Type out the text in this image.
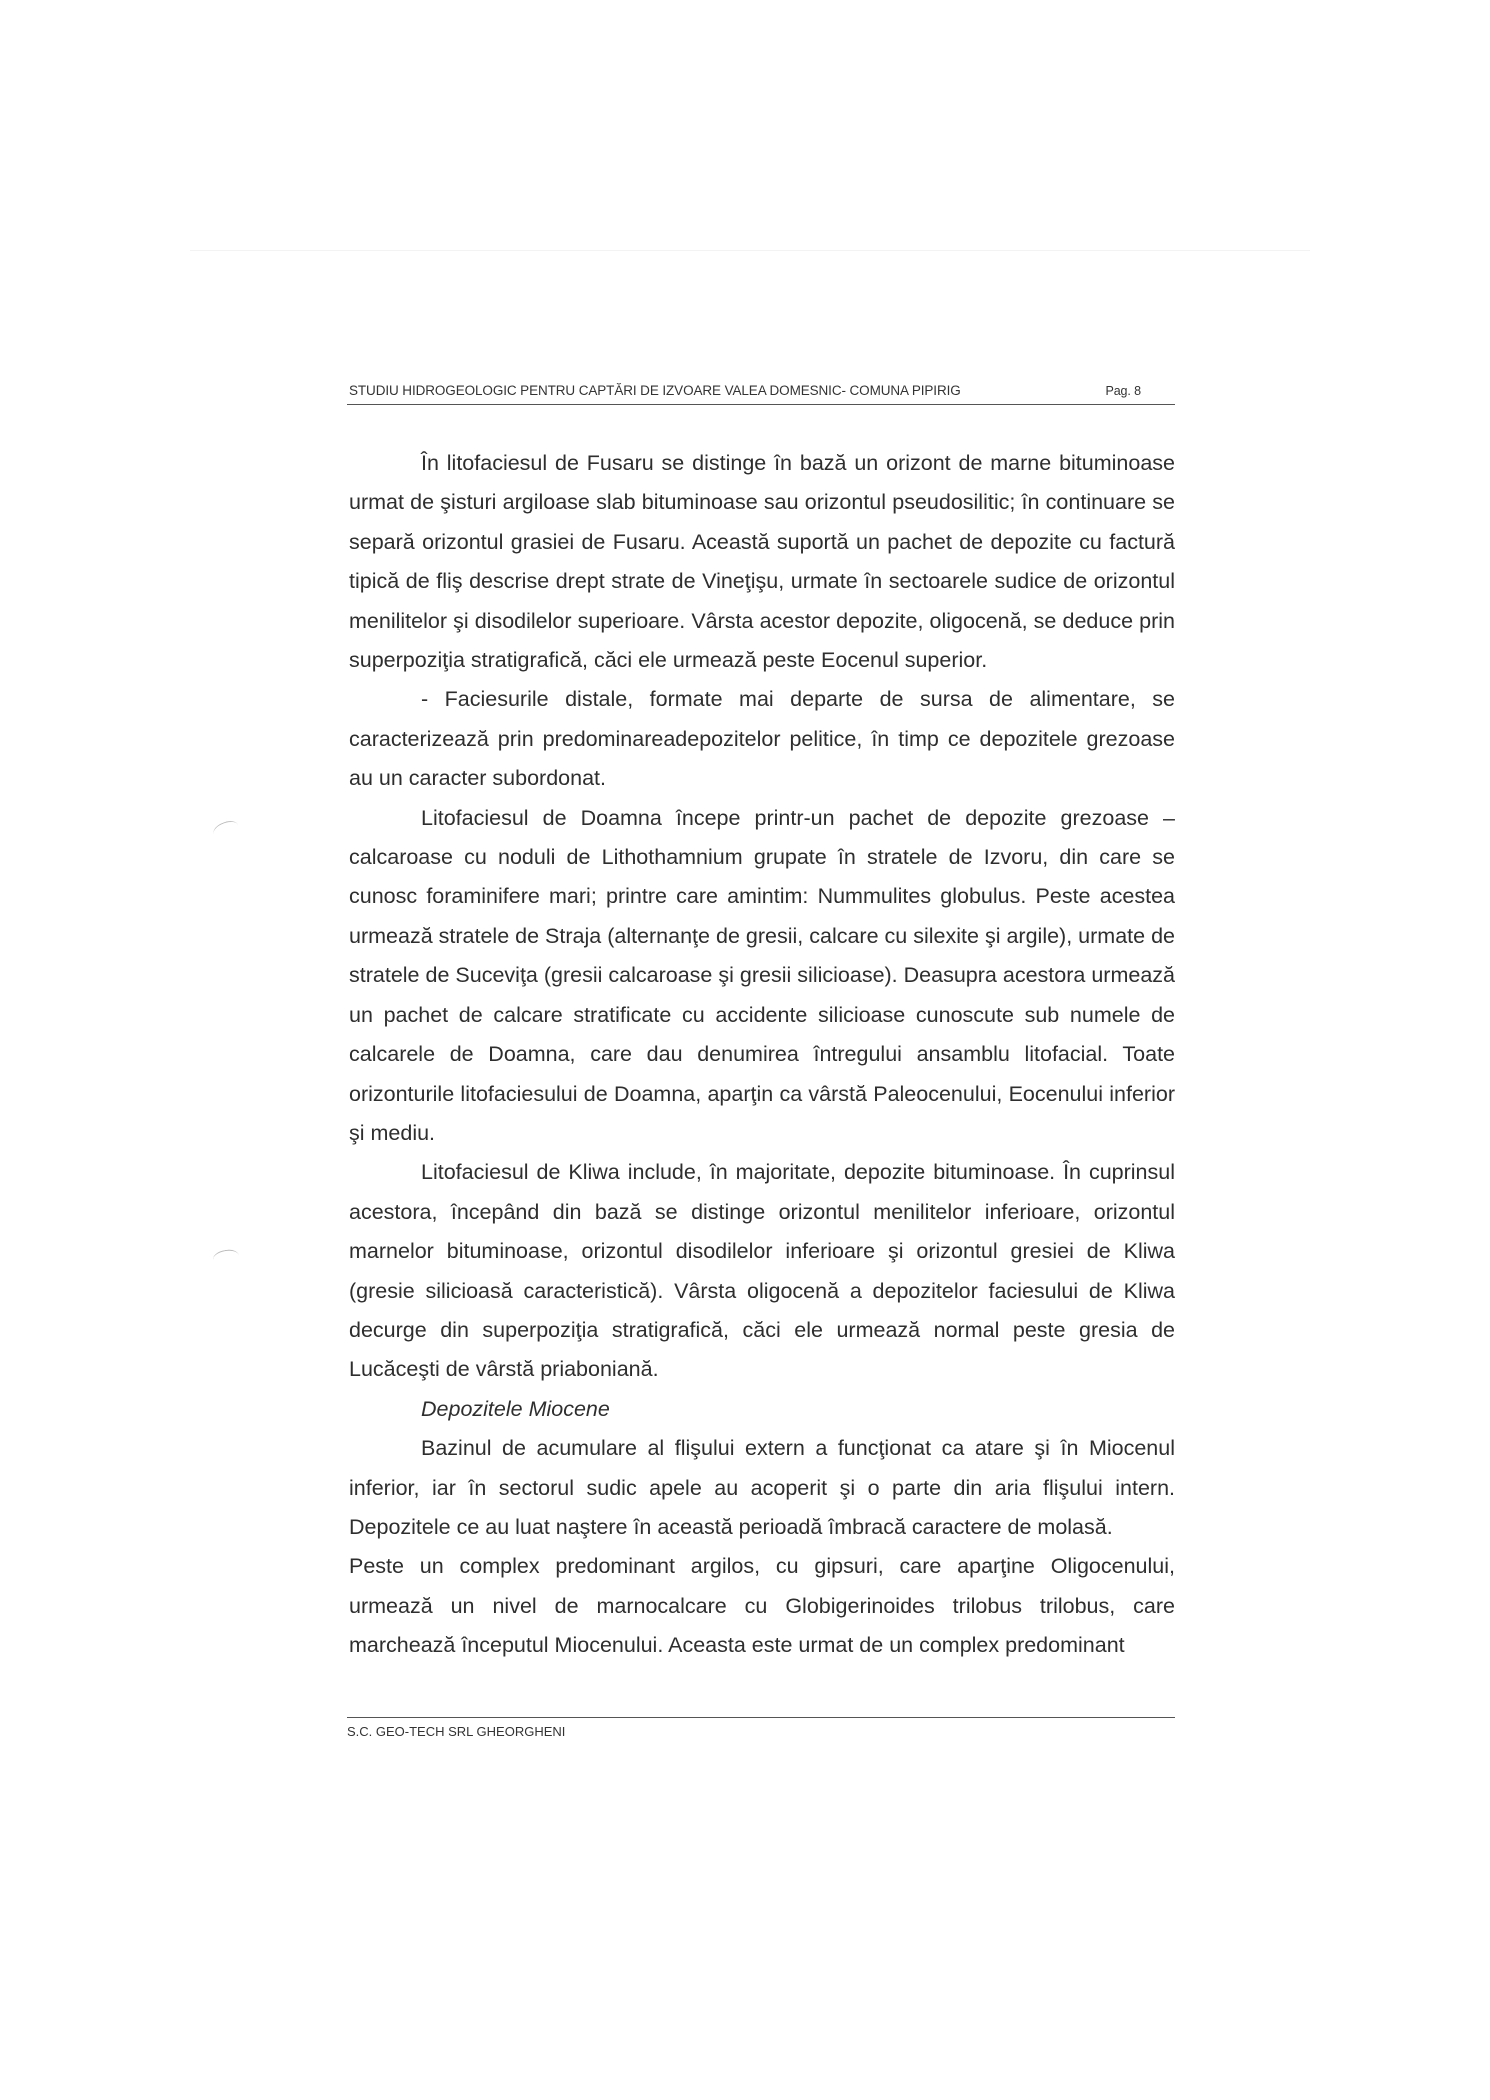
STUDIU HIDROGEOLOGIC PENTRU CAPTĂRI DE IZVOARE VALEA DOMESNIC- COMUNA PIPIRIG	Pag. 8

În litofaciesul de Fusaru se distinge în bază un orizont de marne bituminoase urmat de şisturi argiloase slab bituminoase sau orizontul pseudosilitic; în continuare se separă orizontul grasiei de Fusaru. Această suportă un pachet de depozite cu factură tipică de fliş descrise drept strate de Vineţişu, urmate în sectoarele sudice de orizontul menilitelor şi disodilelor superioare. Vârsta acestor depozite, oligocenă, se deduce prin superpoziţia stratigrafică, căci ele urmează peste Eocenul superior.

- Faciesurile distale, formate mai departe de sursa de alimentare, se caracterizează prin predominareadepozitelor pelitice, în timp ce depozitele grezoase au un caracter subordonat.

Litofaciesul de Doamna începe printr-un pachet de depozite grezoase – calcaroase cu noduli de Lithothamnium grupate în stratele de Izvoru, din care se cunosc foraminifere mari; printre care amintim: Nummulites globulus. Peste acestea urmează stratele de Straja (alternanţe de gresii, calcare cu silexite şi argile), urmate de stratele de Suceviţa (gresii calcaroase şi gresii silicioase). Deasupra acestora urmează un pachet de calcare stratificate cu accidente silicioase cunoscute sub numele de calcarele de Doamna, care dau denumirea întregului ansamblu litofacial. Toate orizonturile litofaciesului de Doamna, aparţin ca vârstă Paleocenului, Eocenului inferior şi mediu.

Litofaciesul de Kliwa include, în majoritate, depozite bituminoase. În cuprinsul acestora, începând din bază se distinge orizontul menilitelor inferioare, orizontul marnelor bituminoase, orizontul disodilelor inferioare şi orizontul gresiei de Kliwa (gresie silicioasă caracteristică). Vârsta oligocenă a depozitelor faciesului de Kliwa decurge din superpoziţia stratigrafică, căci ele urmează normal peste gresia de Lucăceşti de vârstă priaboniană.

Depozitele Miocene

Bazinul de acumulare al flişului extern a funcţionat ca atare şi în Miocenul inferior, iar în sectorul sudic apele au acoperit şi o parte din aria flişului intern. Depozitele ce au luat naştere în această perioadă îmbracă caractere de molasă.

Peste un complex predominant argilos, cu gipsuri, care aparţine Oligocenului, urmează un nivel de marnocalcare cu Globigerinoides trilobus trilobus, care marchează începutul Miocenului. Aceasta este urmat de un complex predominant

S.C. GEO-TECH SRL GHEORGHENI
